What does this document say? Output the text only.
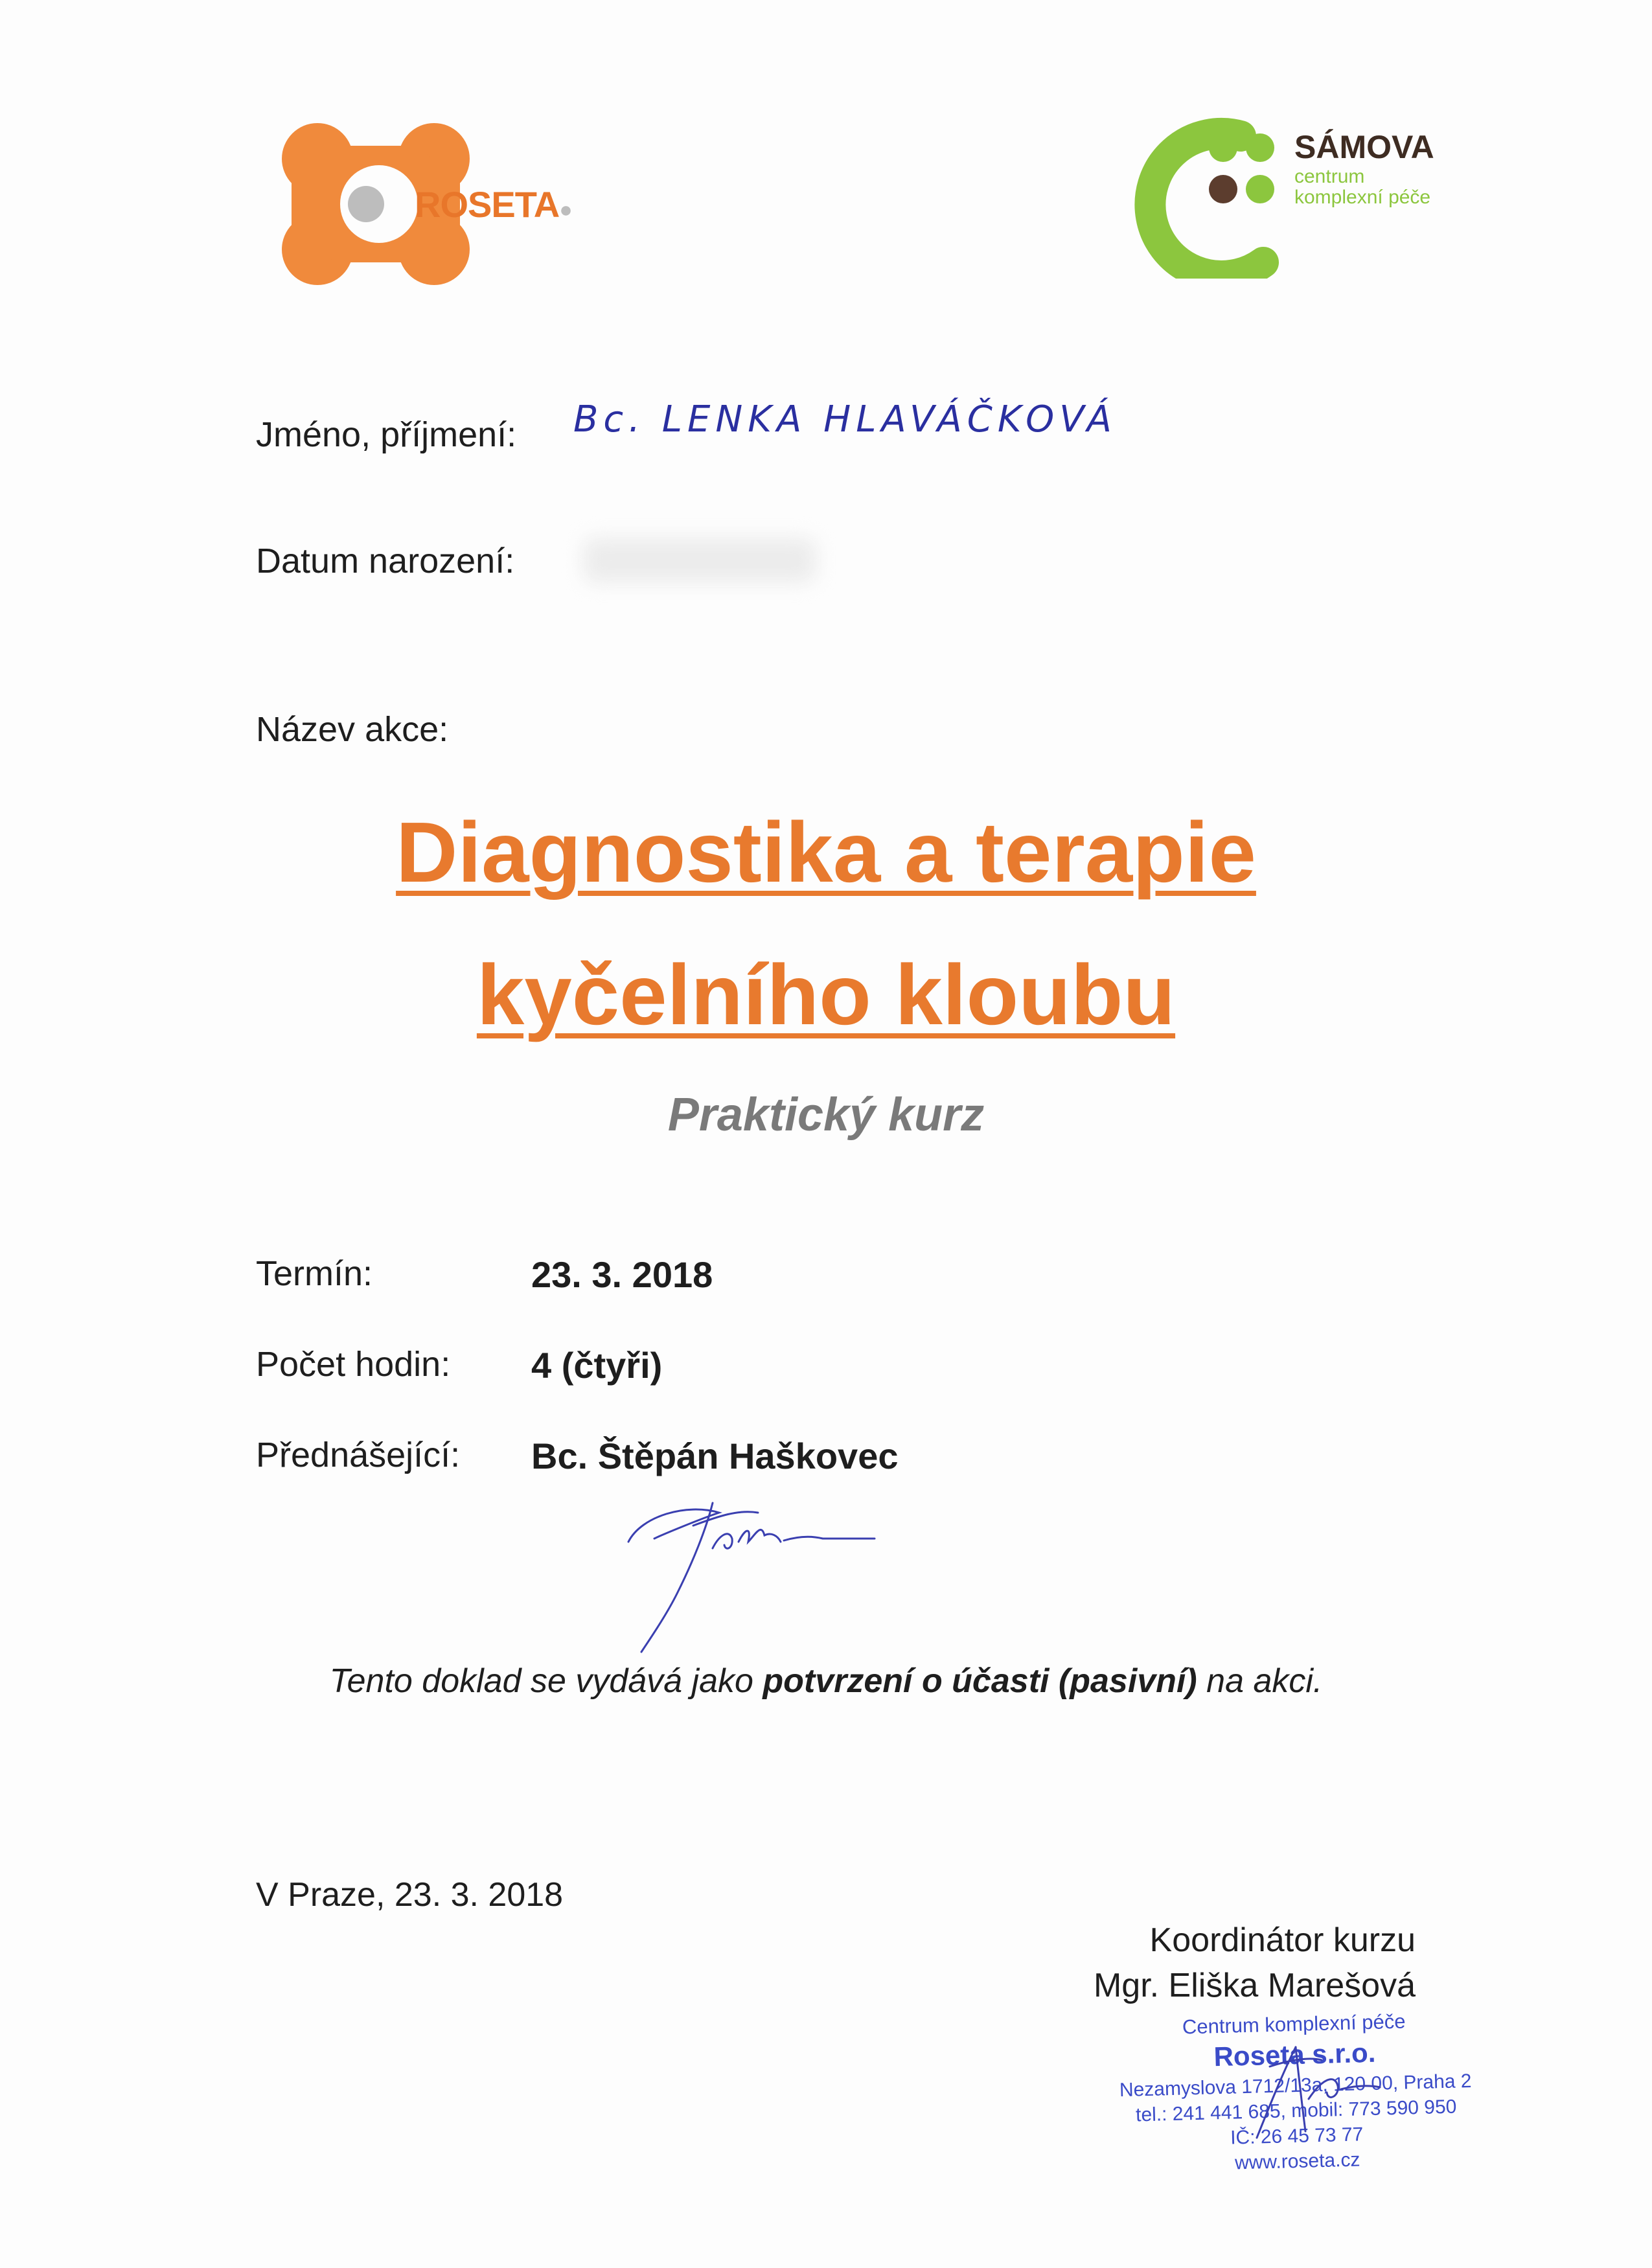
ROSETA●
SÁMOVA
centrum
komplexní péče
Jméno, příjmení: Bc. LENKA HLAVÁČKOVÁ
Datum narození:
Název akce:
Diagnostika a terapie
kyčelního kloubu
Praktický kurz
Termín:	23. 3. 2018
Počet hodin: 4 (čtyři)
Přednášející: Bc. Štěpán Haškovec
Tento doklad se vydává jako potvrzení o účasti (pasivní) na akci.
V Praze, 23. 3. 2018
Koordinátor kurzu
Mgr. Eliška Marešová
Centrum komplexní péče
Roseta s.r.o.
Nezamyslova 1712/13a, 120 00, Praha 2
tel.: 241 441 685, mobil: 773 590 950
IČ: 26 45 73 77
www.roseta.cz
